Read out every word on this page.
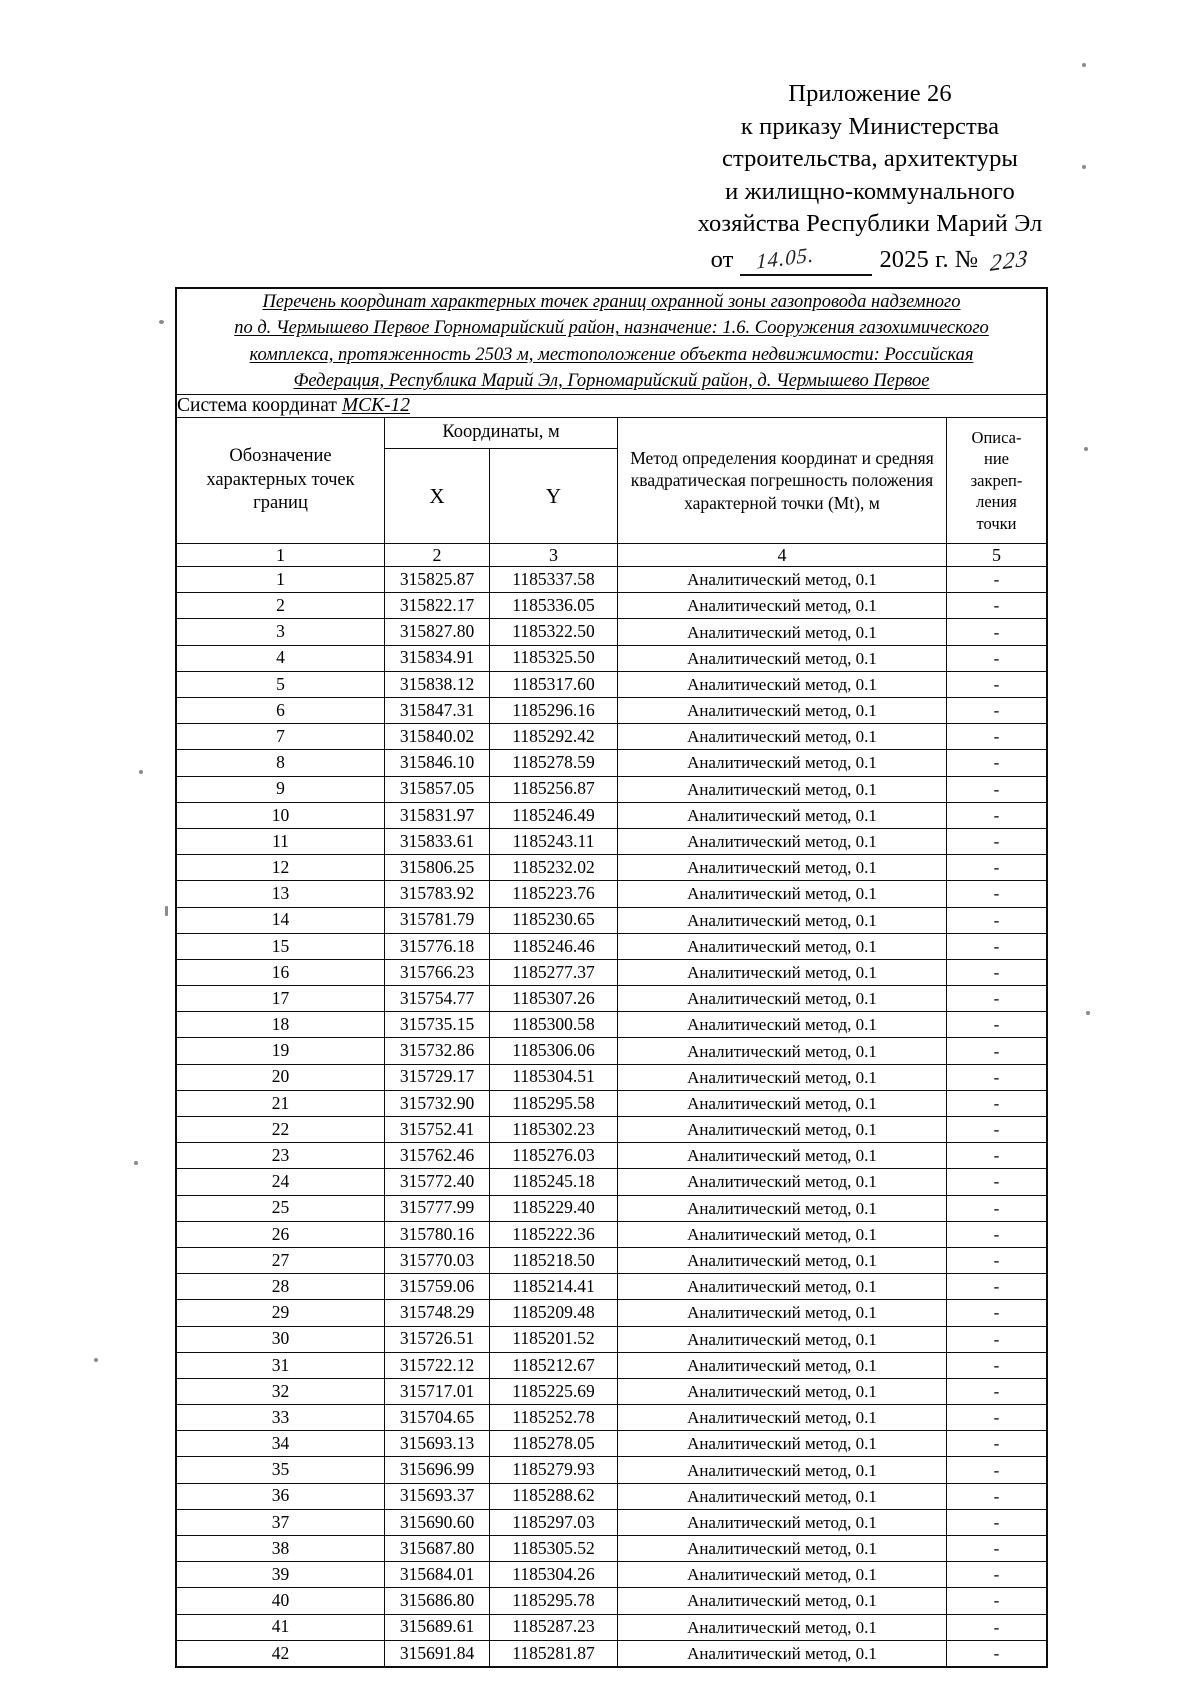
Приложение 26
к приказу Министерства
строительства, архитектуры
и жилищно-коммунального
хозяйства Республики Марий Эл
от 14.05.	2025 г. № 223
Перечень координат характерных точек границ охранной зоны газопровода надземного
по д. Чермышево Первое Горномарийский район, назначение: 1.6. Сооружения газохимического
комплекса, протяженность 2503 м, местоположение объекта недвижимости: Российская
Федерация, Республика Марий Эл, Горномарийский район, д. Чермышево Первое				
Система координат МСК-12				
Обозначение характерных точек границ	Координаты, м		Метод определения координат и средняя квадратическая погрешность положения характерной точки (Mt), м	Описа-
ние
закреп-
ления
точки
	X	Y		
1	2	3	4	5
1	315825.87	1185337.58	Аналитический метод, 0.1	-
2	315822.17	1185336.05	Аналитический метод, 0.1	-
3	315827.80	1185322.50	Аналитический метод, 0.1	-
4	315834.91	1185325.50	Аналитический метод, 0.1	-
5	315838.12	1185317.60	Аналитический метод, 0.1	-
6	315847.31	1185296.16	Аналитический метод, 0.1	-
7	315840.02	1185292.42	Аналитический метод, 0.1	-
8	315846.10	1185278.59	Аналитический метод, 0.1	-
9	315857.05	1185256.87	Аналитический метод, 0.1	-
10	315831.97	1185246.49	Аналитический метод, 0.1	-
11	315833.61	1185243.11	Аналитический метод, 0.1	-
12	315806.25	1185232.02	Аналитический метод, 0.1	-
13	315783.92	1185223.76	Аналитический метод, 0.1	-
14	315781.79	1185230.65	Аналитический метод, 0.1	-
15	315776.18	1185246.46	Аналитический метод, 0.1	-
16	315766.23	1185277.37	Аналитический метод, 0.1	-
17	315754.77	1185307.26	Аналитический метод, 0.1	-
18	315735.15	1185300.58	Аналитический метод, 0.1	-
19	315732.86	1185306.06	Аналитический метод, 0.1	-
20	315729.17	1185304.51	Аналитический метод, 0.1	-
21	315732.90	1185295.58	Аналитический метод, 0.1	-
22	315752.41	1185302.23	Аналитический метод, 0.1	-
23	315762.46	1185276.03	Аналитический метод, 0.1	-
24	315772.40	1185245.18	Аналитический метод, 0.1	-
25	315777.99	1185229.40	Аналитический метод, 0.1	-
26	315780.16	1185222.36	Аналитический метод, 0.1	-
27	315770.03	1185218.50	Аналитический метод, 0.1	-
28	315759.06	1185214.41	Аналитический метод, 0.1	-
29	315748.29	1185209.48	Аналитический метод, 0.1	-
30	315726.51	1185201.52	Аналитический метод, 0.1	-
31	315722.12	1185212.67	Аналитический метод, 0.1	-
32	315717.01	1185225.69	Аналитический метод, 0.1	-
33	315704.65	1185252.78	Аналитический метод, 0.1	-
34	315693.13	1185278.05	Аналитический метод, 0.1	-
35	315696.99	1185279.93	Аналитический метод, 0.1	-
36	315693.37	1185288.62	Аналитический метод, 0.1	-
37	315690.60	1185297.03	Аналитический метод, 0.1	-
38	315687.80	1185305.52	Аналитический метод, 0.1	-
39	315684.01	1185304.26	Аналитический метод, 0.1	-
40	315686.80	1185295.78	Аналитический метод, 0.1	-
41	315689.61	1185287.23	Аналитический метод, 0.1	-
42	315691.84	1185281.87	Аналитический метод, 0.1	-
